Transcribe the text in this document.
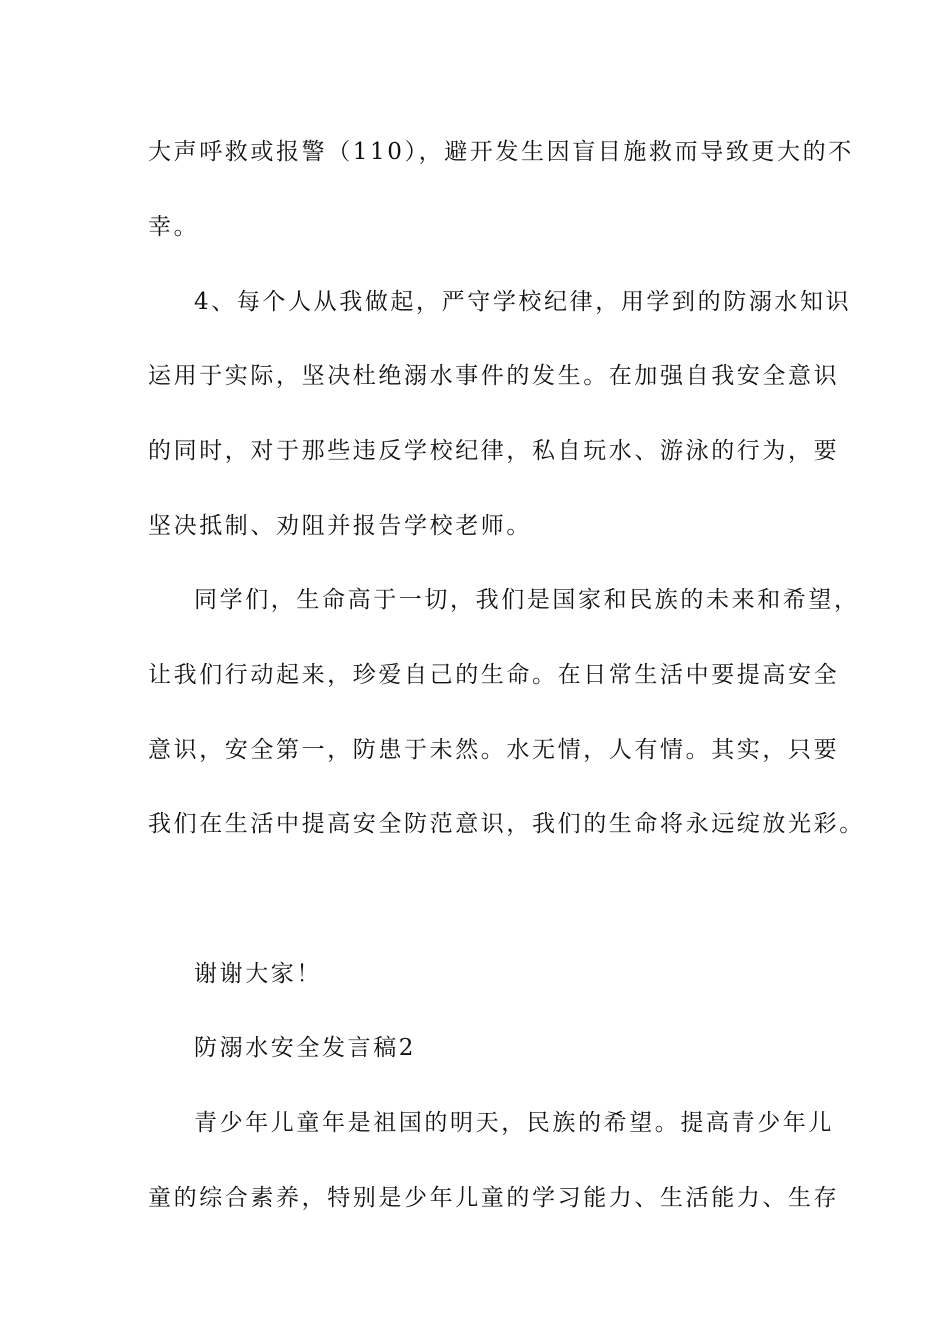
大声呼救或报警（110），避开发生因盲目施救而导致更大的不
幸。
4、每个人从我做起，严守学校纪律，用学到的防溺水知识
运用于实际，坚决杜绝溺水事件的发生。在加强自我安全意识
的同时，对于那些违反学校纪律，私自玩水、游泳的行为，要
坚决抵制、劝阻并报告学校老师。
同学们，生命高于一切，我们是国家和民族的未来和希望，
让我们行动起来，珍爱自己的生命。在日常生活中要提高安全
意识，安全第一，防患于未然。水无情，人有情。其实，只要
我们在生活中提高安全防范意识，我们的生命将永远绽放光彩。
谢谢大家！
防溺水安全发言稿2
青少年儿童年是祖国的明天，民族的希望。提高青少年儿
童的综合素养，特别是少年儿童的学习能力、生活能力、生存
